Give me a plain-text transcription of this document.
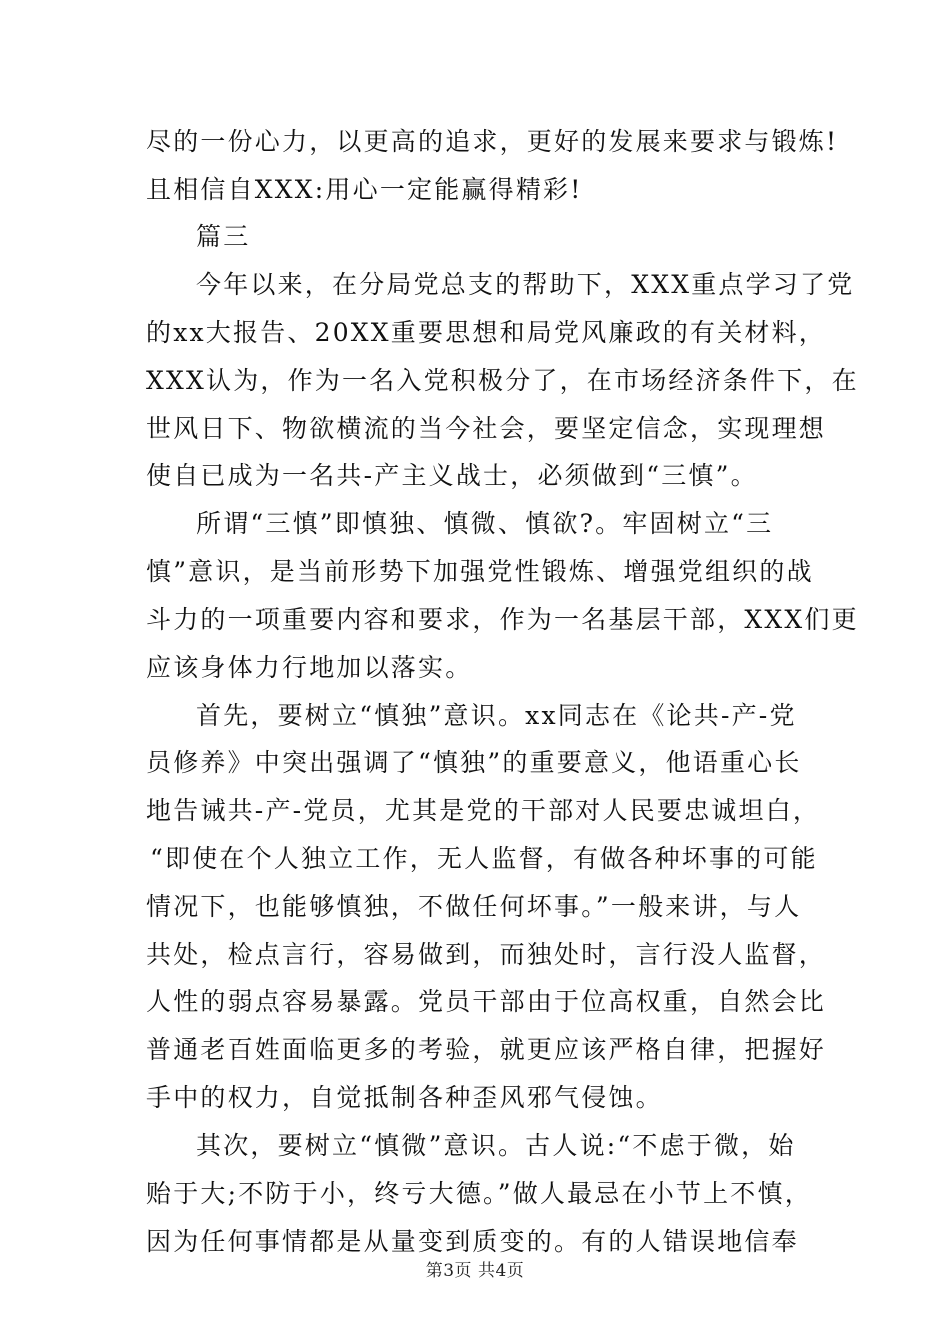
尽的一份心力，以更高的追求，更好的发展来要求与锻炼!
且相信自XXX:用心一定能赢得精彩!
篇三
今年以来，在分局党总支的帮助下，XXX重点学习了党
的xx大报告、20XX重要思想和局党风廉政的有关材料，
XXX认为，作为一名入党积极分了，在市场经济条件下，在
世风日下、物欲横流的当今社会，要坚定信念，实现理想
使自已成为一名共-产主义战士，必须做到“三慎”。
所谓“三慎”即慎独、慎微、慎欲?。牢固树立“三
慎”意识，是当前形势下加强党性锻炼、增强党组织的战
斗力的一项重要内容和要求，作为一名基层干部，XXX们更
应该身体力行地加以落实。
首先，要树立“慎独”意识。xx同志在《论共-产-党
员修养》中突出强调了“慎独”的重要意义，他语重心长
地告诫共-产-党员，尤其是党的干部对人民要忠诚坦白，
“即使在个人独立工作，无人监督，有做各种坏事的可能
情况下，也能够慎独，不做任何坏事。”一般来讲，与人
共处，检点言行，容易做到，而独处时，言行没人监督，
人性的弱点容易暴露。党员干部由于位高权重，自然会比
普通老百姓面临更多的考验，就更应该严格自律，把握好
手中的权力，自觉抵制各种歪风邪气侵蚀。
其次，要树立“慎微”意识。古人说:“不虑于微，始
贻于大;不防于小，终亏大德。”做人最忌在小节上不慎，
因为任何事情都是从量变到质变的。有的人错误地信奉
第3页 共4页
